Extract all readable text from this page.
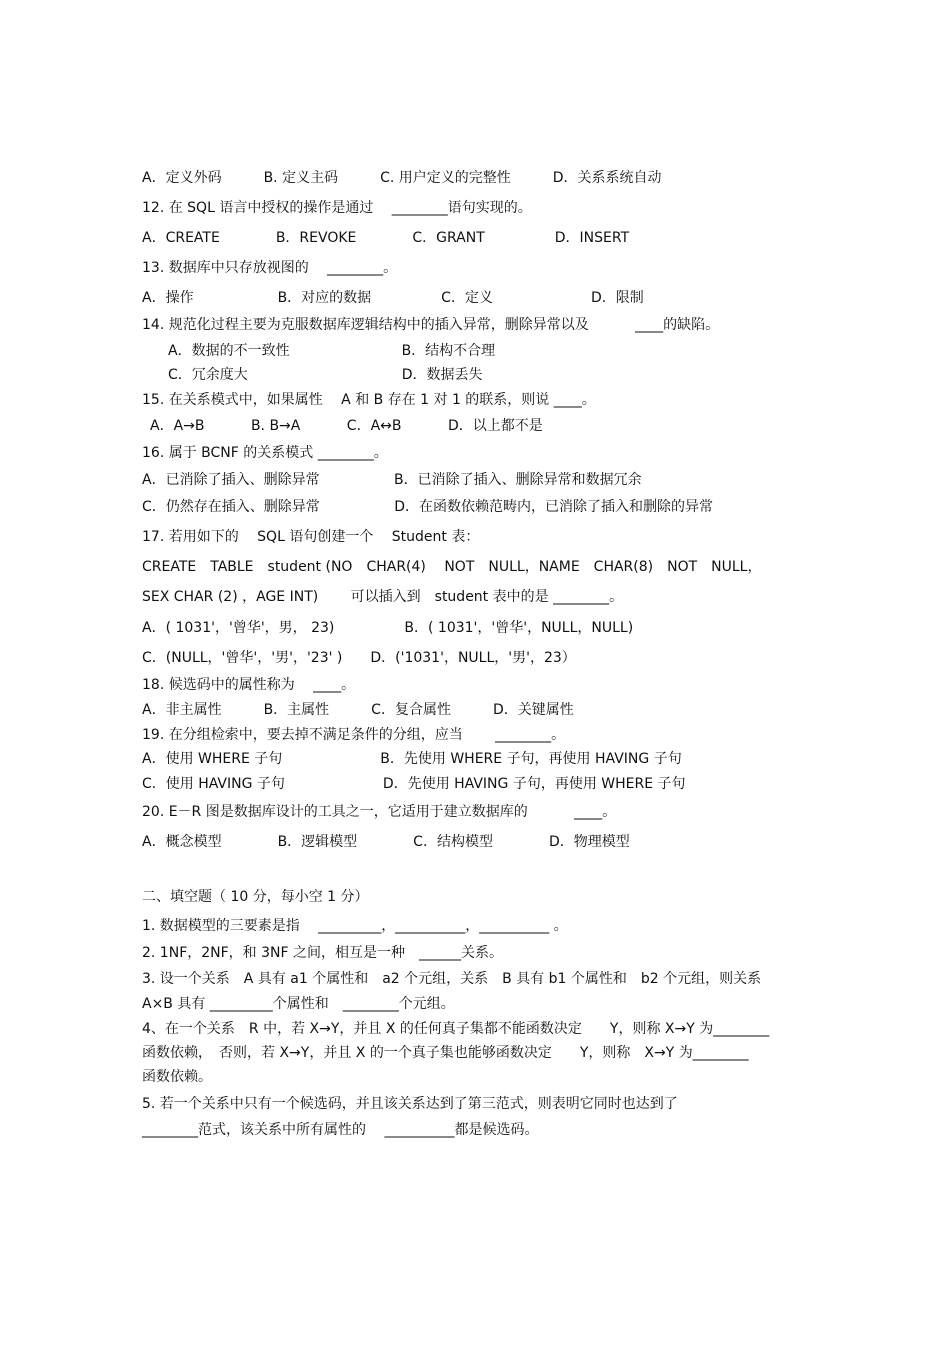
A．定义外码　　　B. 定义主码　　　C. 用户定义的完整性　　　D．关系系统自动
12. 在 SQL 语言中授权的操作是通过　 ________语句实现的。
A．CREATE　　　　B．REVOKE　　　　C．GRANT　　　　　D．INSERT
13. 数据库中只存放视图的　 ________。
A．操作　　　　　　B．对应的数据　　　　　C．定义　　　　　　　D．限制
14. 规范化过程主要为克服数据库逻辑结构中的插入异常，删除异常以及　　　 ____的缺陷。
A．数据的不一致性　　　　　　　　B．结构不合理
C．冗余度大　　　　　　　　　　　D．数据丢失
15. 在关系模式中，如果属性　 A 和 B 存在 1 对 1 的联系，则说 ____。
A．A→B　　　 B. B→A　　　 C．A↔B　　　 D．以上都不是
16. 属于 BCNF 的关系模式 ________。
A．已消除了插入、删除异常　　　　　 B．已消除了插入、删除异常和数据冗余
C．仍然存在插入、删除异常　　　　　 D．在函数依赖范畴内，已消除了插入和删除的异常
17. 若用如下的　 SQL 语句创建一个　 Student 表：
CREATE　TABLE　student (NO　CHAR(4)　 NOT　NULL，NAME　CHAR(8)　NOT　NULL，
SEX CHAR (2) ，AGE INT)　　 可以插入到　student 表中的是 ________。
A．( 1031'，'曾华'，男， 23)　　　　　B．( 1031'，'曾华'，NULL，NULL)
C．(NULL，'曾华'，'男'，'23' )　　D．('1031'，NULL，'男'，23）
18. 候选码中的属性称为　 ____。
A．非主属性　　　B．主属性　　　C．复合属性　　　D．关键属性
19. 在分组检索中，要去掉不满足条件的分组，应当　　 ________。
A．使用 WHERE 子句　　　　　　　B．先使用 WHERE 子句，再使用 HAVING 子句
C．使用 HAVING 子句　　　　　　　D．先使用 HAVING 子句，再使用 WHERE 子句
20. E－R 图是数据库设计的工具之一，它适用于建立数据库的　　　 ____。
A．概念模型　　　　B．逻辑模型　　　　C．结构模型　　　　D．物理模型
二、填空题（ 10 分，每小空 1 分）
1. 数据模型的三要素是指　 _________，__________，__________ 。
2. 1NF，2NF，和 3NF 之间，相互是一种　______关系。
3. 设一个关系　A 具有 a1 个属性和　a2 个元组，关系　B 具有 b1 个属性和　b2 个元组，则关系
A×B 具有 _________个属性和　________个元组。
4、在一个关系　R 中，若 X→Y，并且 X 的任何真子集都不能函数决定　　Y，则称 X→Y 为________
函数依赖，　否则，若 X→Y，并且 X 的一个真子集也能够函数决定　　Y，则称　X→Y 为________
函数依赖。
5. 若一个关系中只有一个候选码，并且该关系达到了第三范式，则表明它同时也达到了
________范式，该关系中所有属性的　 __________都是候选码。
